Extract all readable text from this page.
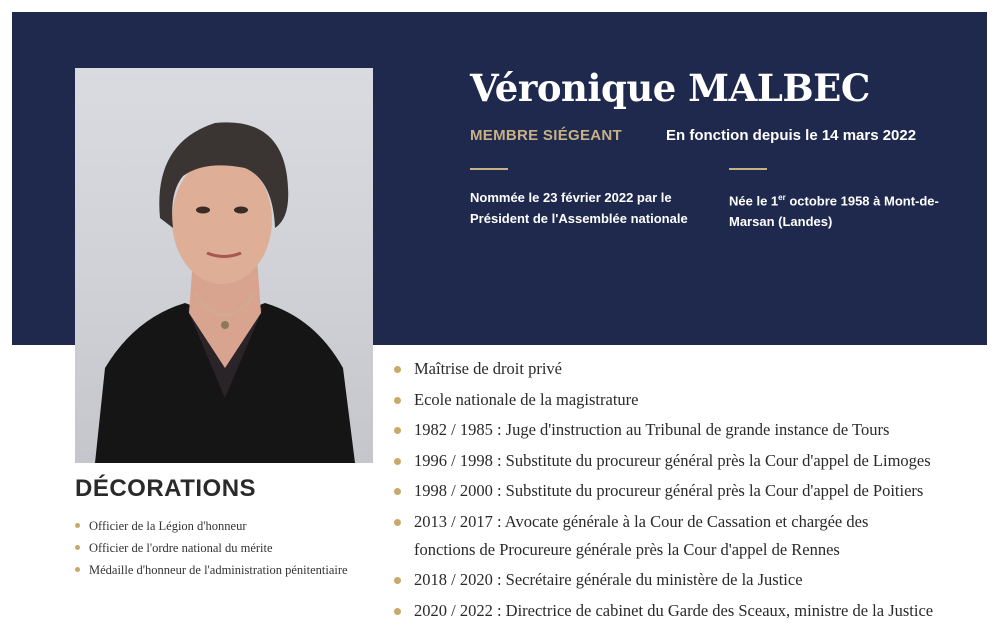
Véronique MALBEC
MEMBRE SIÉGEANT	En fonction depuis le 14 mars 2022
Nommée le 23 février 2022 par le Président de l'Assemblée nationale
Née le 1er octobre 1958 à Mont-de-Marsan (Landes)
Maîtrise de droit privé
Ecole nationale de la magistrature
1982 / 1985 : Juge d'instruction au Tribunal de grande instance de Tours
1996 / 1998 : Substitute du procureur général près la Cour d'appel de Limoges
1998 / 2000 : Substitute du procureur général près la Cour d'appel de Poitiers
2013 / 2017 : Avocate générale à la Cour de Cassation et chargée des
fonctions de Procureure générale près la Cour d'appel de Rennes
2018 / 2020 : Secrétaire générale du ministère de la Justice
2020 / 2022 : Directrice de cabinet du Garde des Sceaux, ministre de la Justice
DÉCORATIONS
Officier de la Légion d'honneur
Officier de l'ordre national du mérite
Médaille d'honneur de l'administration pénitentiaire
